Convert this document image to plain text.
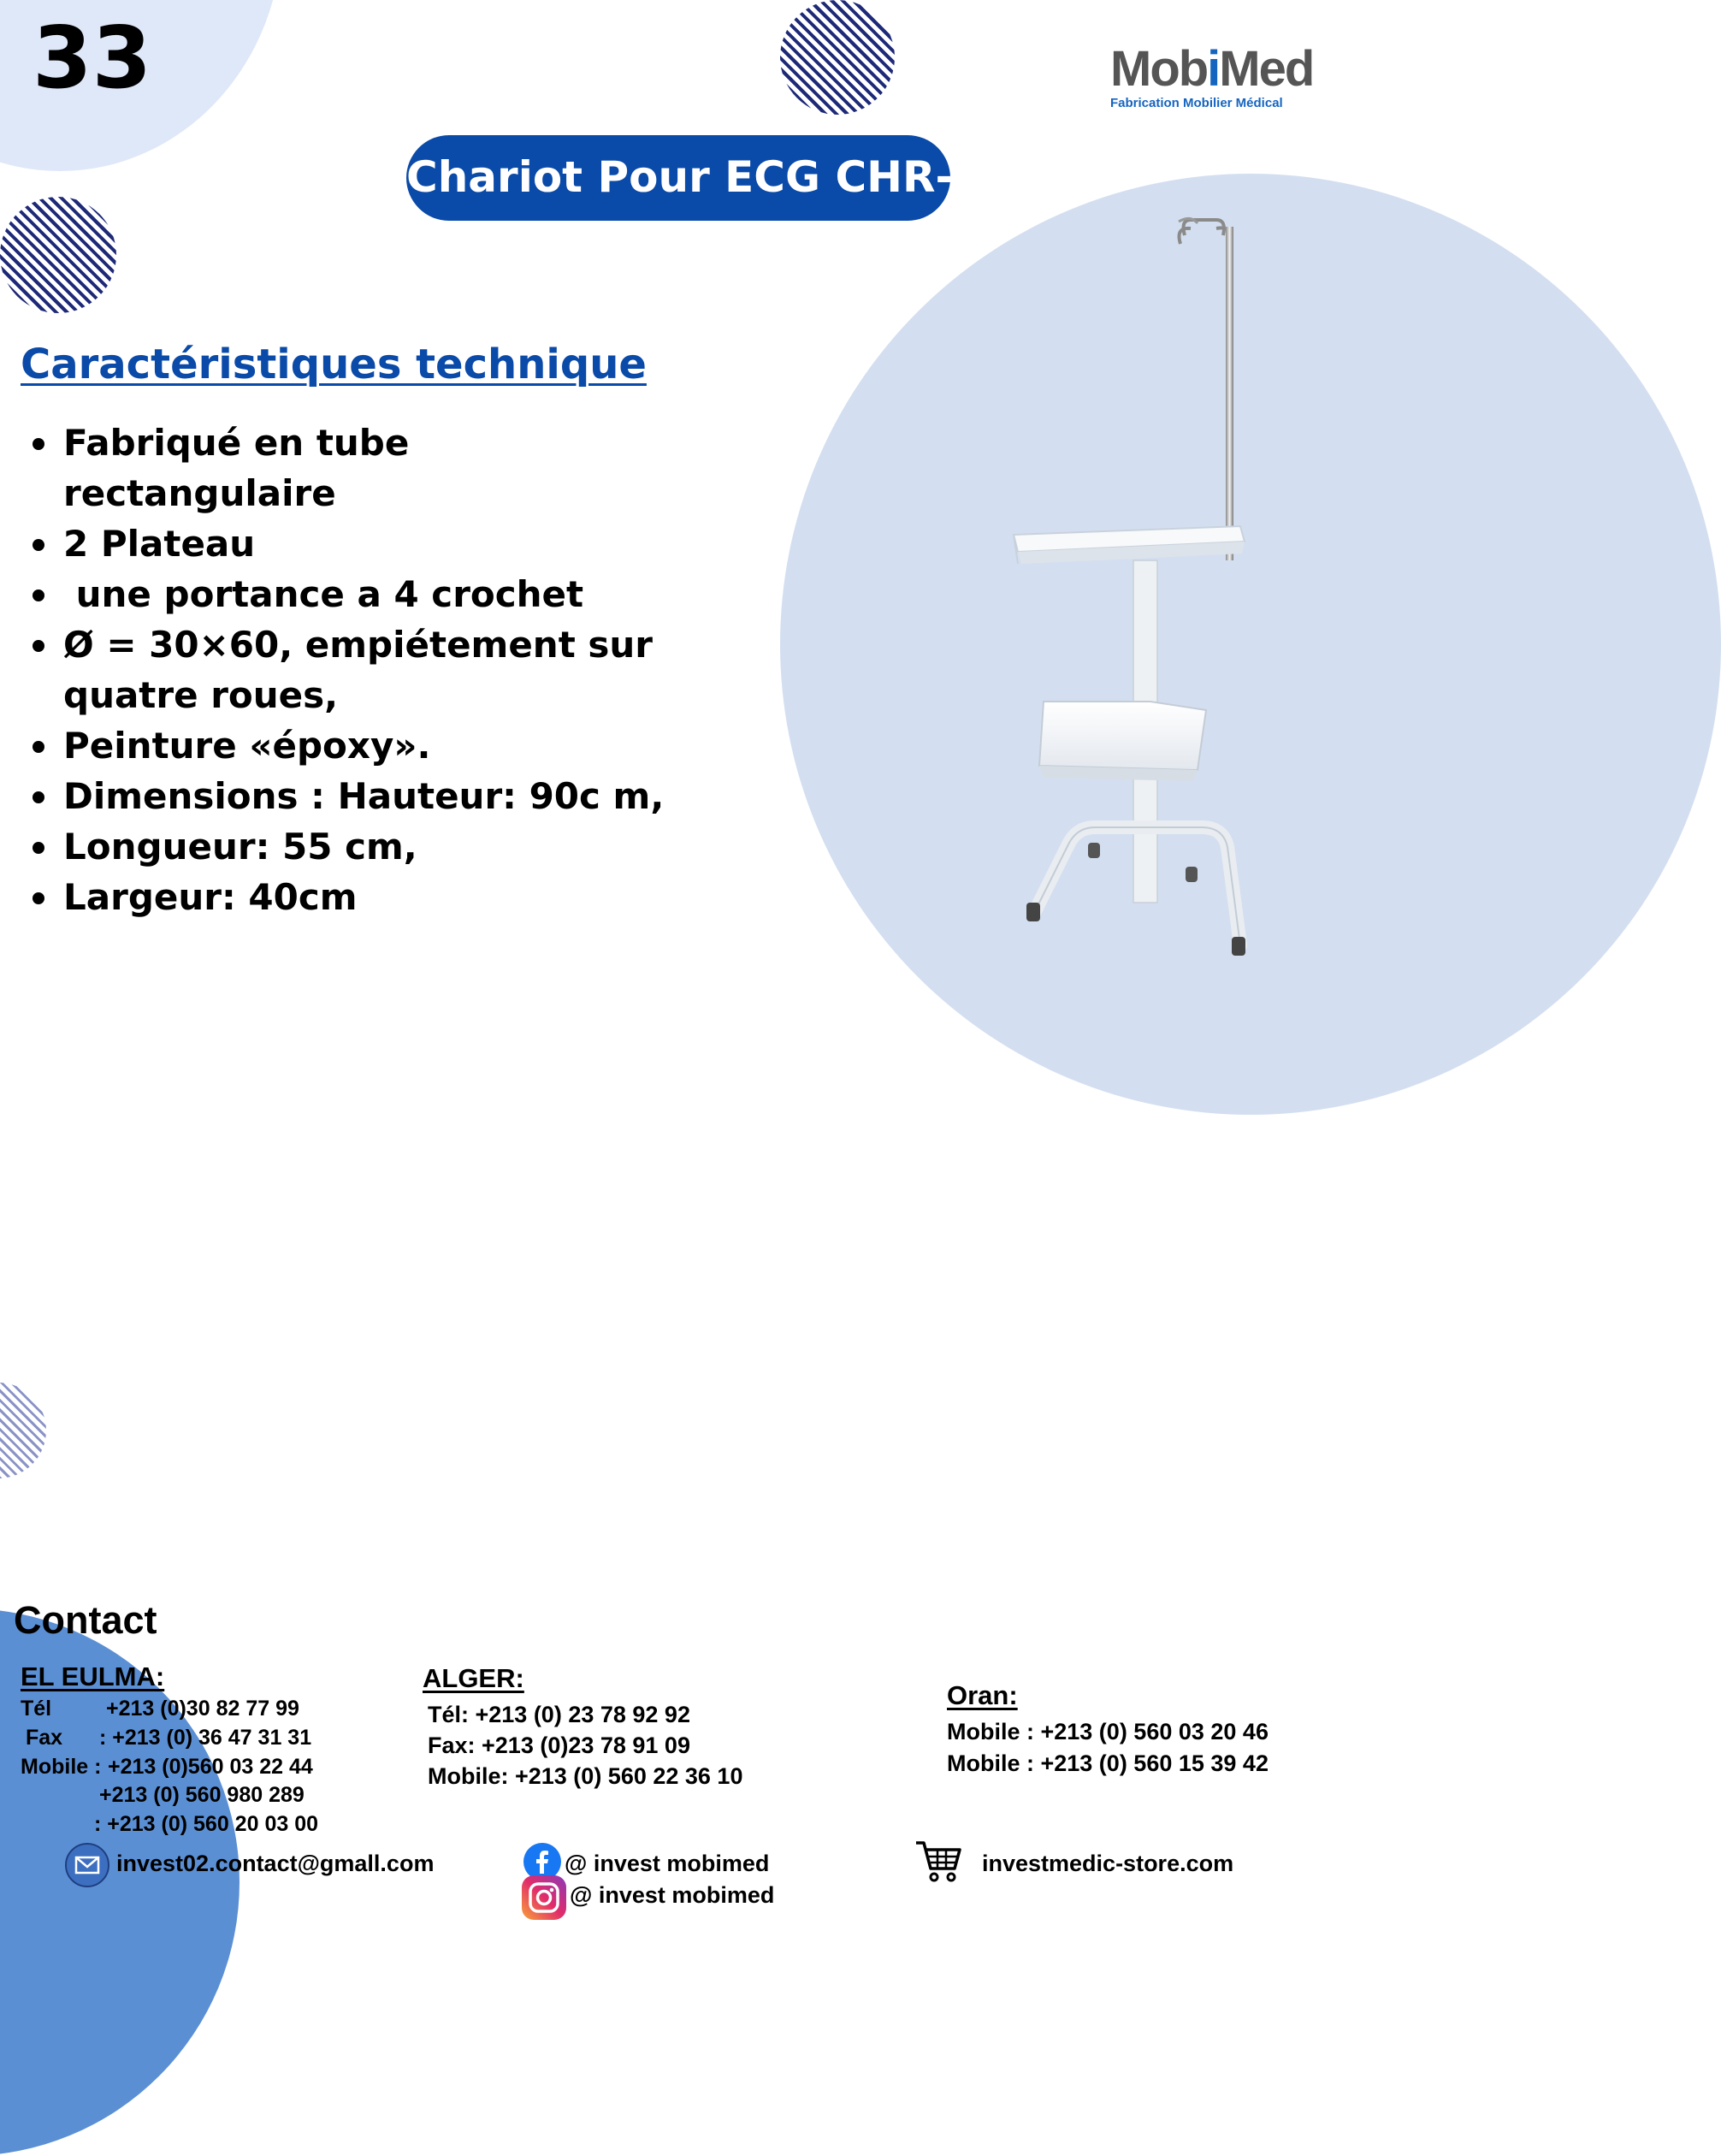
33	MobiMed
Fabrication Mobilier Médical
Chariot Pour ECG CHR-01
Caractéristiques technique
Fabriqué en tube rectangulaire
2 Plateau
une portance a 4 crochet
Ø = 30×60, empiétement sur
quatre roues,
Peinture «époxy».
Dimensions : Hauteur: 90c m,
Longueur: 55 cm,
Largeur: 40cm
Contact
EL EULMA:
Tél	+213 (0)30 82 77 99
Fax : +213 (0) 36 47 31 31
Mobile : +213 (0)560 03 22 44
+213 (0) 560 980 289
: +213 (0) 560 20 03 00
ALGER:
Tél: +213 (0) 23 78 92 92
Fax: +213 (0)23 78 91 09
Mobile: +213 (0) 560 22 36 10
Oran:
Mobile : +213 (0) 560 03 20 46
Mobile : +213 (0) 560 15 39 42
invest02.contact@gmall.com	@ invest mobimed
@ invest mobimed
investmedic-store.com
